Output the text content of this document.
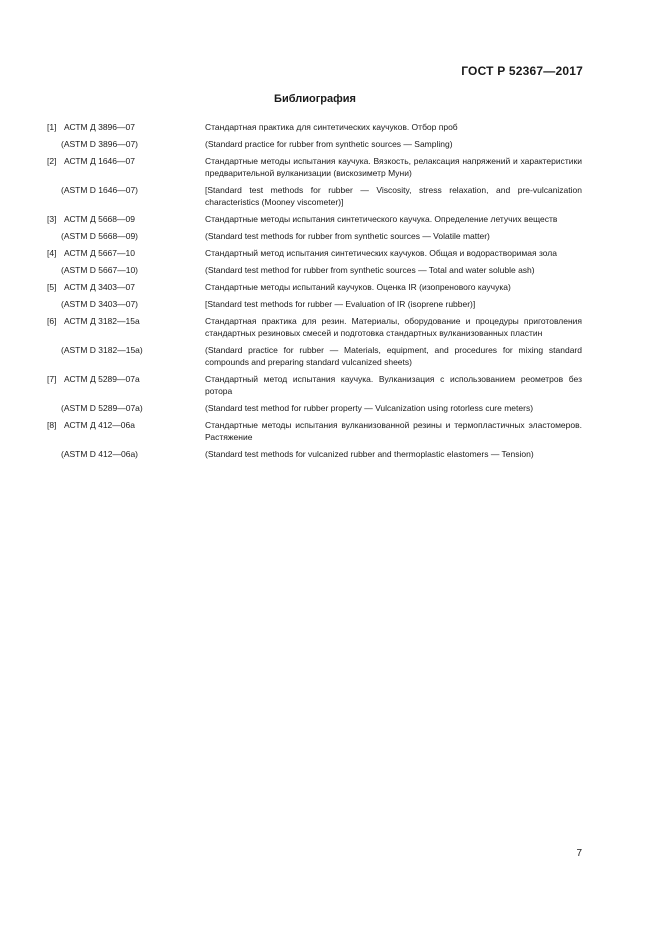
ГОСТ Р 52367—2017
Библиография
[1] АСТМ Д 3896—07	Стандартная практика для синтетических каучуков. Отбор проб
(ASTM D 3896—07)	(Standard practice for rubber from synthetic sources — Sampling)
[2] АСТМ Д 1646—07	Стандартные методы испытания каучука. Вязкость, релаксация напряжений и характеристики предварительной вулканизации (вискозиметр Муни)
(ASTM D 1646—07)	[Standard test methods for rubber — Viscosity, stress relaxation, and pre-vulcanization characteristics (Mooney viscometer)]
[3] АСТМ Д 5668—09	Стандартные методы испытания синтетического каучука. Определение летучих веществ
(ASTM D 5668—09)	(Standard test methods for rubber from synthetic sources — Volatile matter)
[4] АСТМ Д 5667—10	Стандартный метод испытания синтетических каучуков. Общая и водорастворимая зола
(ASTM D 5667—10)	(Standard test method for rubber from synthetic sources — Total and water soluble ash)
[5] АСТМ Д 3403—07	Стандартные методы испытаний каучуков. Оценка IR (изопренового каучука)
(ASTM D 3403—07)	[Standard test methods for rubber — Evaluation of IR (isoprene rubber)]
[6] АСТМ Д 3182—15а	Стандартная практика для резин. Материалы, оборудование и процедуры приготовления стандартных резиновых смесей и подготовка стандартных вулканизованных пластин
(ASTM D 3182—15a)	(Standard practice for rubber — Materials, equipment, and procedures for mixing standard compounds and preparing standard vulcanized sheets)
[7] АСТМ Д 5289—07а	Стандартный метод испытания каучука. Вулканизация с использованием реометров без ротора
(ASTM D 5289—07a)	(Standard test method for rubber property — Vulcanization using rotorless cure meters)
[8] АСТМ Д 412—06а	Стандартные методы испытания вулканизованной резины и термопластичных эластомеров. Растяжение
(ASTM D 412—06a)	(Standard test methods for vulcanized rubber and thermoplastic elastomers — Tension)
7
